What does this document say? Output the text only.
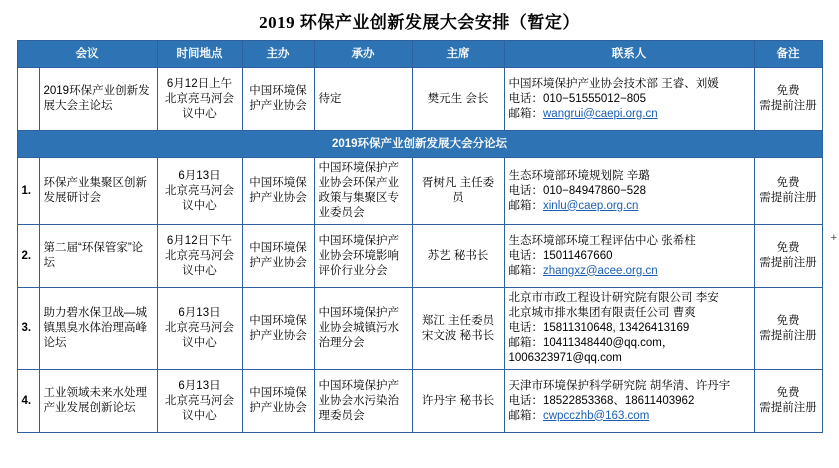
2019 环保产业创新发展大会安排（暂定）
会议		时间地点	主办	承办	主席	联系人	备注
	2019环保产业创新发展大会主论坛	6月12日上午
北京亮马河会议中心	中国环境保护产业协会	待定	樊元生 会长	中国环境保护产业协会技术部 王睿、刘媛
电话：010−51555012−805
邮箱：wangrui@caepi.org.cn	免费
需提前注册
2019环保产业创新发展大会分论坛							
1.	环保产业集聚区创新发展研讨会	6月13日
北京亮马河会议中心	中国环境保护产业协会	中国环境保护产业协会环保产业政策与集聚区专业委员会	胥树凡 主任委员	生态环境部环境规划院 辛璐
电话：010−84947860−528
邮箱：xinlu@caep.org.cn	免费
需提前注册
2.	第二届“环保管家”论坛	6月12日下午
北京亮马河会议中心	中国环境保护产业协会	中国环境保护产业协会环境影响评价行业分会	苏艺 秘书长	生态环境部环境工程评估中心 张希柱
电话：15011467660
邮箱：zhangxz@acee.org.cn	免费
需提前注册
3.	助力碧水保卫战—城镇黑臭水体治理高峰论坛	6月13日
北京亮马河会议中心	中国环境保护产业协会	中国环境保护产业协会城镇污水治理分会	郑江 主任委员
宋文波 秘书长	北京市市政工程设计研究院有限公司 李安
北京城市排水集团有限责任公司 曹爽
电话：15811310648, 13426413169
邮箱：10411348440@qq.com，
1006323971@qq.com	免费
需提前注册
4.	工业领域未来水处理产业发展创新论坛	6月13日
北京亮马河会议中心	中国环境保护产业协会	中国环境保护产业协会水污染治理委员会	许丹宇 秘书长	天津市环境保护科学研究院 胡华清、许丹宇
电话：18522853368、18611403962
邮箱：cwpcczhb@163.com	免费
需提前注册
+
